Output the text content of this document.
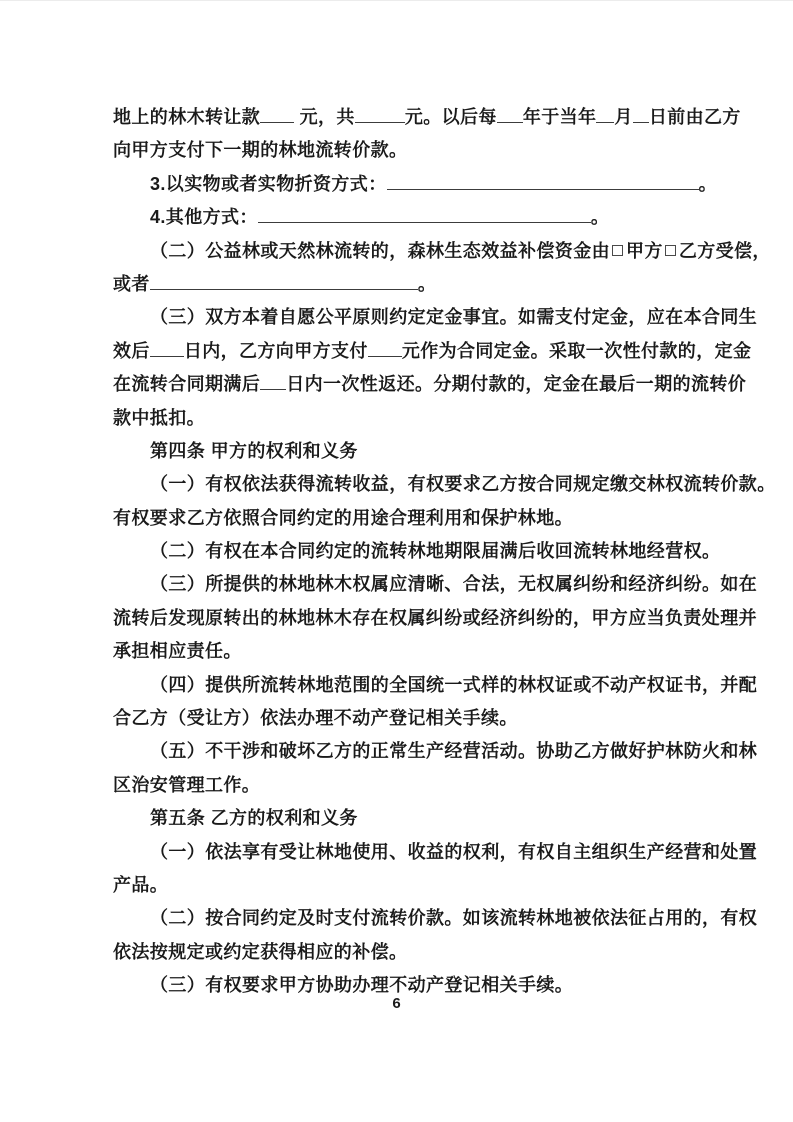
地上的林木转让款 元，共	元。以后每 年于当年 月 日前由乙方
向甲方支付下一期的林地流转价款。
3.以实物或者实物折资方式：	。
4.其他方式：	。
（二）公益林或天然林流转的，森林生态效益补偿资金由 甲方 乙方受偿，
或者	。
（三）双方本着自愿公平原则约定定金事宜。如需支付定金，应在本合同生
效后 日内，乙方向甲方支付 元作为合同定金。采取一次性付款的，定金
在流转合同期满后 日内一次性返还。分期付款的，定金在最后一期的流转价
款中抵扣。
第四条 甲方的权利和义务
（一）有权依法获得流转收益，有权要求乙方按合同规定缴交林权流转价款。
有权要求乙方依照合同约定的用途合理利用和保护林地。
（二）有权在本合同约定的流转林地期限届满后收回流转林地经营权。
（三）所提供的林地林木权属应清晰、合法，无权属纠纷和经济纠纷。如在
流转后发现原转出的林地林木存在权属纠纷或经济纠纷的，甲方应当负责处理并
承担相应责任。
（四）提供所流转林地范围的全国统一式样的林权证或不动产权证书，并配
合乙方（受让方）依法办理不动产登记相关手续。
（五）不干涉和破坏乙方的正常生产经营活动。协助乙方做好护林防火和林
区治安管理工作。
第五条 乙方的权利和义务
（一）依法享有受让林地使用、收益的权利，有权自主组织生产经营和处置
产品。
（二）按合同约定及时支付流转价款。如该流转林地被依法征占用的，有权
依法按规定或约定获得相应的补偿。
（三）有权要求甲方协助办理不动产登记相关手续。
6
